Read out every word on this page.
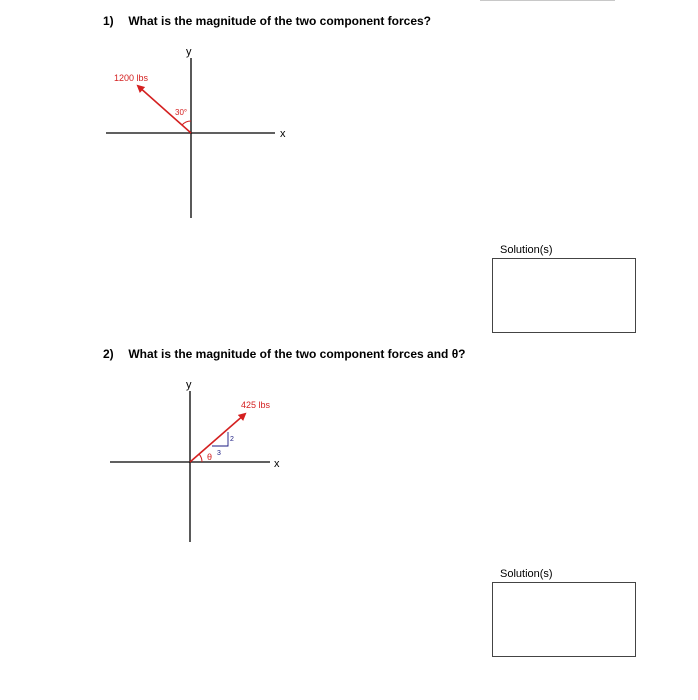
1) What is the magnitude of the two component forces?
y
x
1200 lbs
30°
Solution(s)
2) What is the magnitude of the two component forces and θ?
y
x
2
3
425 lbs
θ
Solution(s)
